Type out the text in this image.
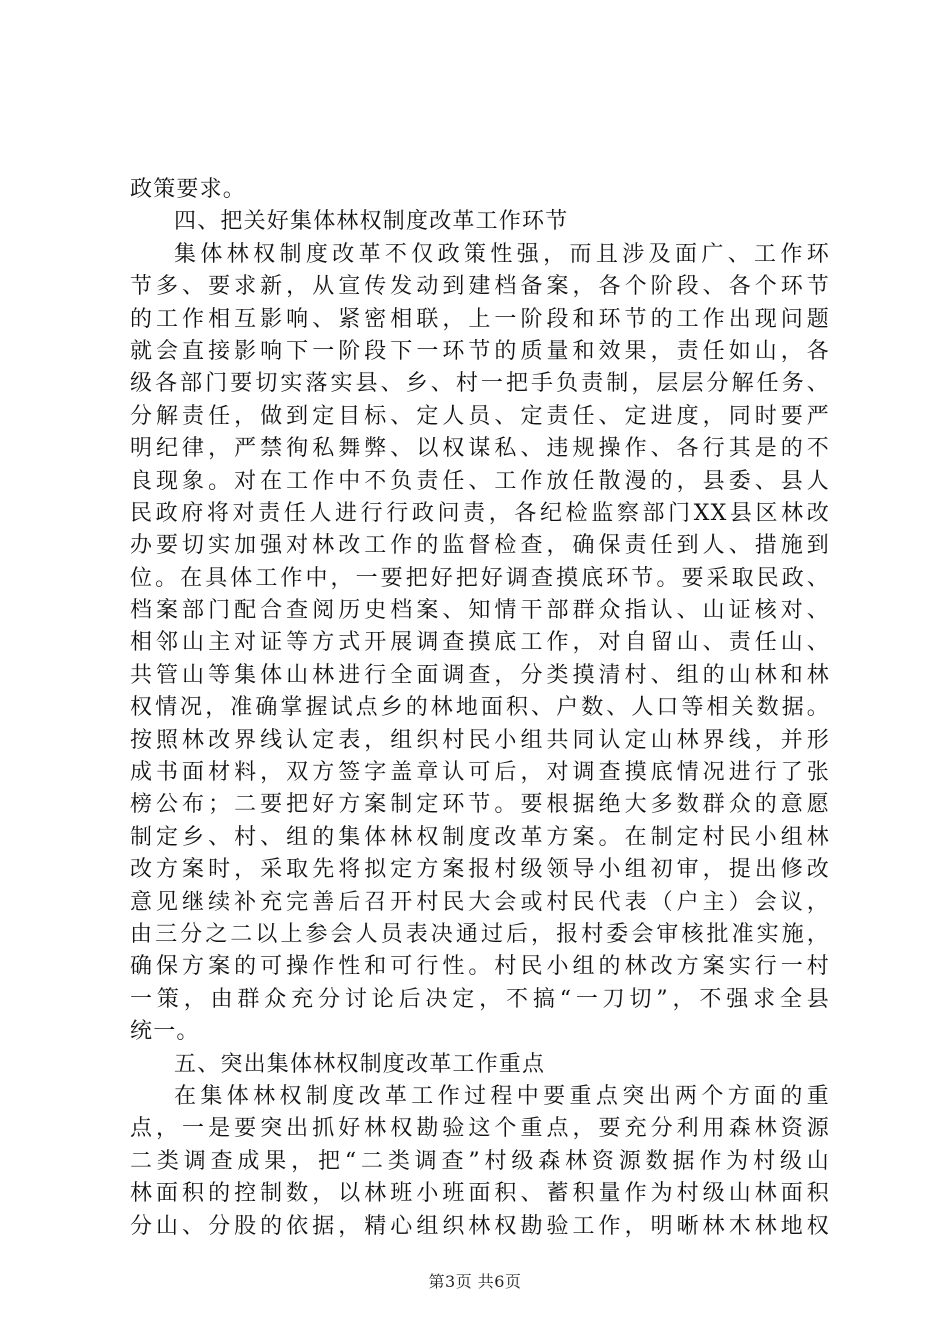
政策要求。
四、把关好集体林权制度改革工作环节
集体林权制度改革不仅政策性强，而且涉及面广、工作环
节多、要求新，从宣传发动到建档备案，各个阶段、各个环节
的工作相互影响、紧密相联，上一阶段和环节的工作出现问题
就会直接影响下一阶段下一环节的质量和效果，责任如山，各
级各部门要切实落实县、乡、村一把手负责制，层层分解任务、
分解责任，做到定目标、定人员、定责任、定进度，同时要严
明纪律，严禁徇私舞弊、以权谋私、违规操作、各行其是的不
良现象。对在工作中不负责任、工作放任散漫的，县委、县人
民政府将对责任人进行行政问责，各纪检监察部门XX县区林改
办要切实加强对林改工作的监督检查，确保责任到人、措施到
位。在具体工作中，一要把好把好调查摸底环节。要采取民政、
档案部门配合查阅历史档案、知情干部群众指认、山证核对、
相邻山主对证等方式开展调查摸底工作，对自留山、责任山、
共管山等集体山林进行全面调查，分类摸清村、组的山林和林
权情况，准确掌握试点乡的林地面积、户数、人口等相关数据。
按照林改界线认定表，组织村民小组共同认定山林界线，并形
成书面材料，双方签字盖章认可后，对调查摸底情况进行了张
榜公布；二要把好方案制定环节。要根据绝大多数群众的意愿
制定乡、村、组的集体林权制度改革方案。在制定村民小组林
改方案时，采取先将拟定方案报村级领导小组初审，提出修改
意见继续补充完善后召开村民大会或村民代表（户主）会议，
由三分之二以上参会人员表决通过后，报村委会审核批准实施，
确保方案的可操作性和可行性。村民小组的林改方案实行一村
一策，由群众充分讨论后决定，不搞“一刀切”，不强求全县
统一。
五、突出集体林权制度改革工作重点
在集体林权制度改革工作过程中要重点突出两个方面的重
点，一是要突出抓好林权勘验这个重点，要充分利用森林资源
二类调查成果，把“二类调查”村级森林资源数据作为村级山
林面积的控制数，以林班小班面积、蓄积量作为村级山林面积
分山、分股的依据，精心组织林权勘验工作，明晰林木林地权
第3页 共6页
